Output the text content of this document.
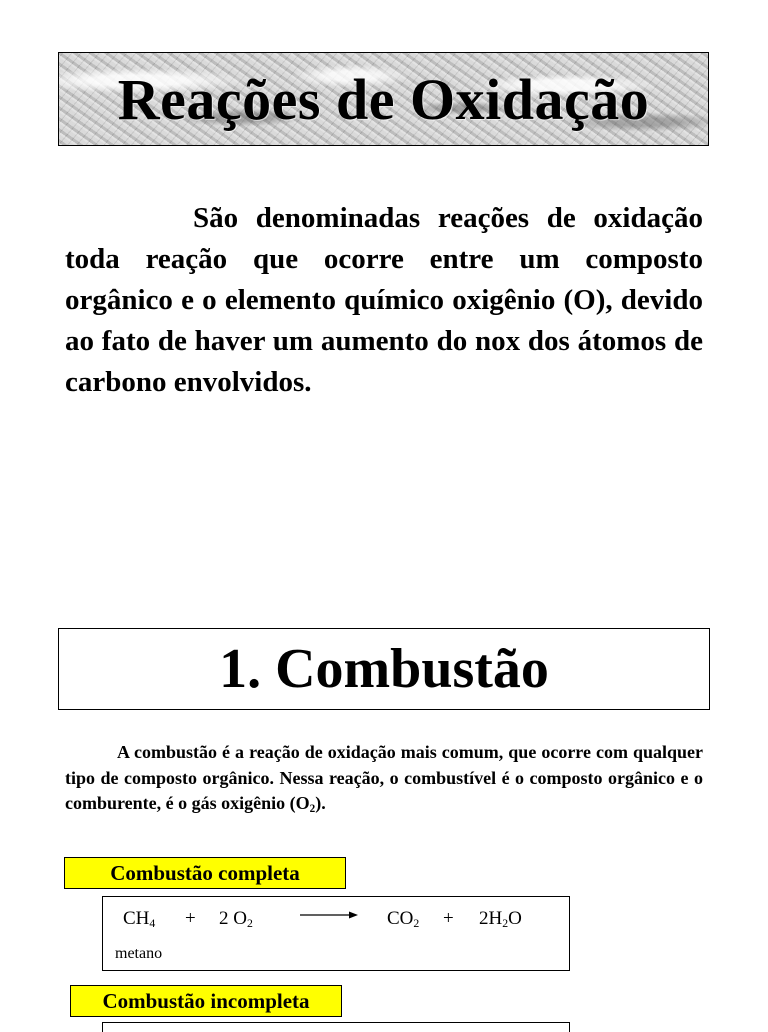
Reações de Oxidação

São denominadas reações de oxidação toda reação que ocorre entre um composto orgânico e o elemento químico oxigênio (O), devido ao fato de haver um aumento do nox dos átomos de carbono envolvidos.

1. Combustão

A combustão é a reação de oxidação mais comum, que ocorre com qualquer tipo de composto orgânico. Nessa reação, o combustível é o composto orgânico e o comburente, é o gás oxigênio $(O_2)$.

Combustão completa
$CH_4 + 2$ $O_2$	$CO_2 + 2H_2O$
metano
Combustão incompleta
